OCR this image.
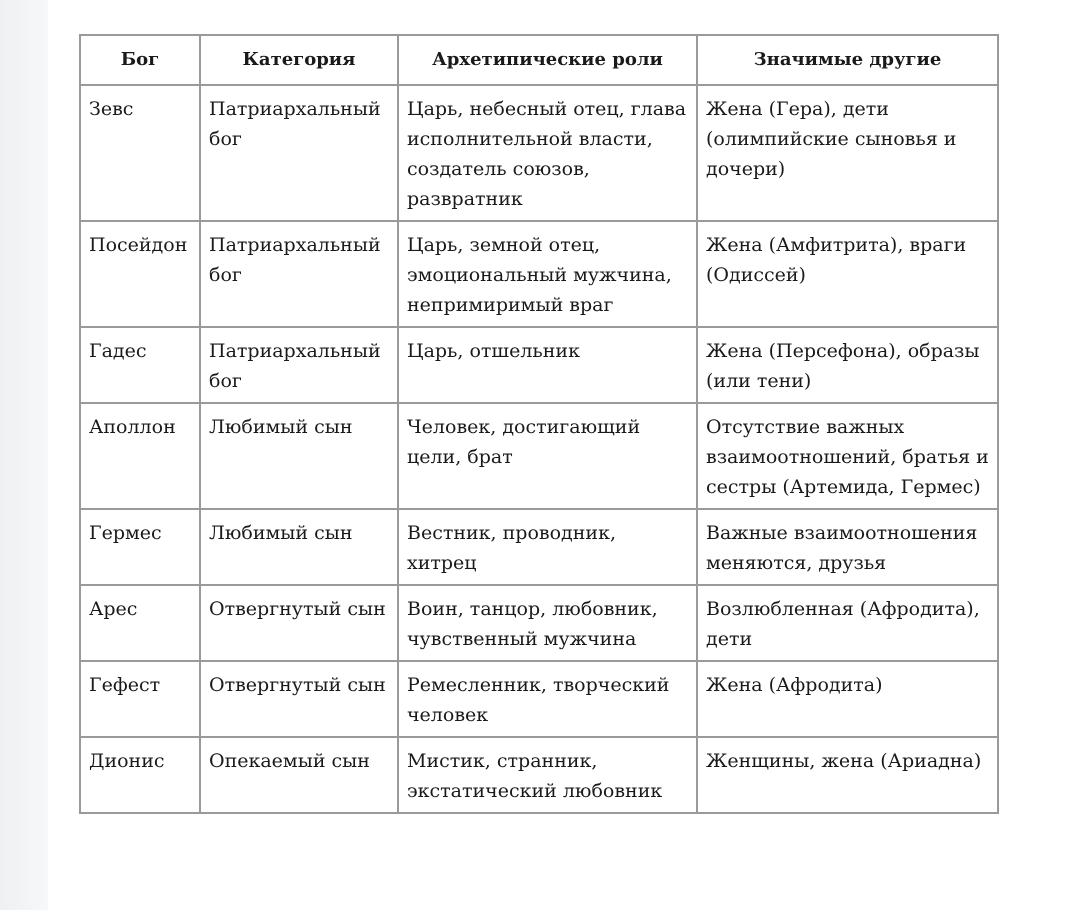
Бог	Категория	Архетипические роли	Значимые другие
Зевс	Патриархальный бог	Царь, небесный отец, глава исполнительной власти, создатель союзов, развратник	Жена (Гера), дети (олимпийские сыновья и дочери)
Посейдон	Патриархальный бог	Царь, земной отец, эмоциональный мужчина, непримиримый враг	Жена (Амфитрита), враги (Одиссей)
Гадес	Патриархальный бог	Царь, отшельник	Жена (Персефона), образы (или тени)
Аполлон	Любимый сын	Человек, достигающий цели, брат	Отсутствие важных взаимоотношений, братья и сестры (Артемида, Гермес)
Гермес	Любимый сын	Вестник, проводник, хитрец	Важные взаимоотношения меняются, друзья
Арес	Отвергнутый сын	Воин, танцор, любовник, чувственный мужчина	Возлюбленная (Афродита), дети
Гефест	Отвергнутый сын	Ремесленник, творческий человек	Жена (Афродита)
Дионис	Опекаемый сын	Мистик, странник, экстатический любовник	Женщины, жена (Ариадна)
